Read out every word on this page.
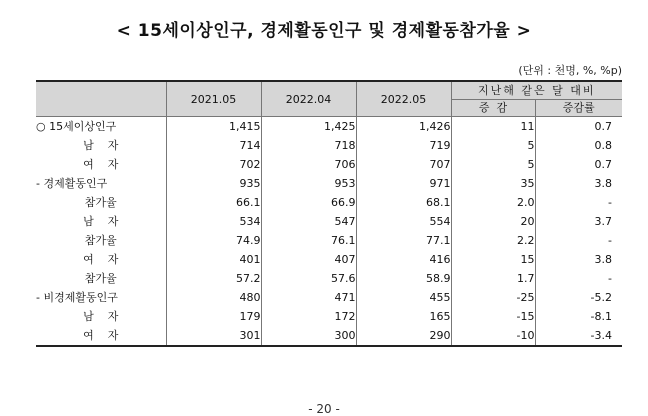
< 15세이상인구, 경제활동인구 및 경제활동참가율 >
(단위 : 천명, %, %p)
	2021.05	2022.04	2022.05	지난해 같은 달 대비	
				증  감	증감률
○ 15세이상인구	1,415	1,425	1,426	11	0.7
남    자	714	718	719	5	0.8
여    자	702	706	707	5	0.7
- 경제활동인구	935	953	971	35	3.8
참가율	66.1	66.9	68.1	2.0	-
남    자	534	547	554	20	3.7
참가율	74.9	76.1	77.1	2.2	-
여    자	401	407	416	15	3.8
참가율	57.2	57.6	58.9	1.7	-
- 비경제활동인구	480	471	455	-25	-5.2
남    자	179	172	165	-15	-8.1
여    자	301	300	290	-10	-3.4
- 20 -
